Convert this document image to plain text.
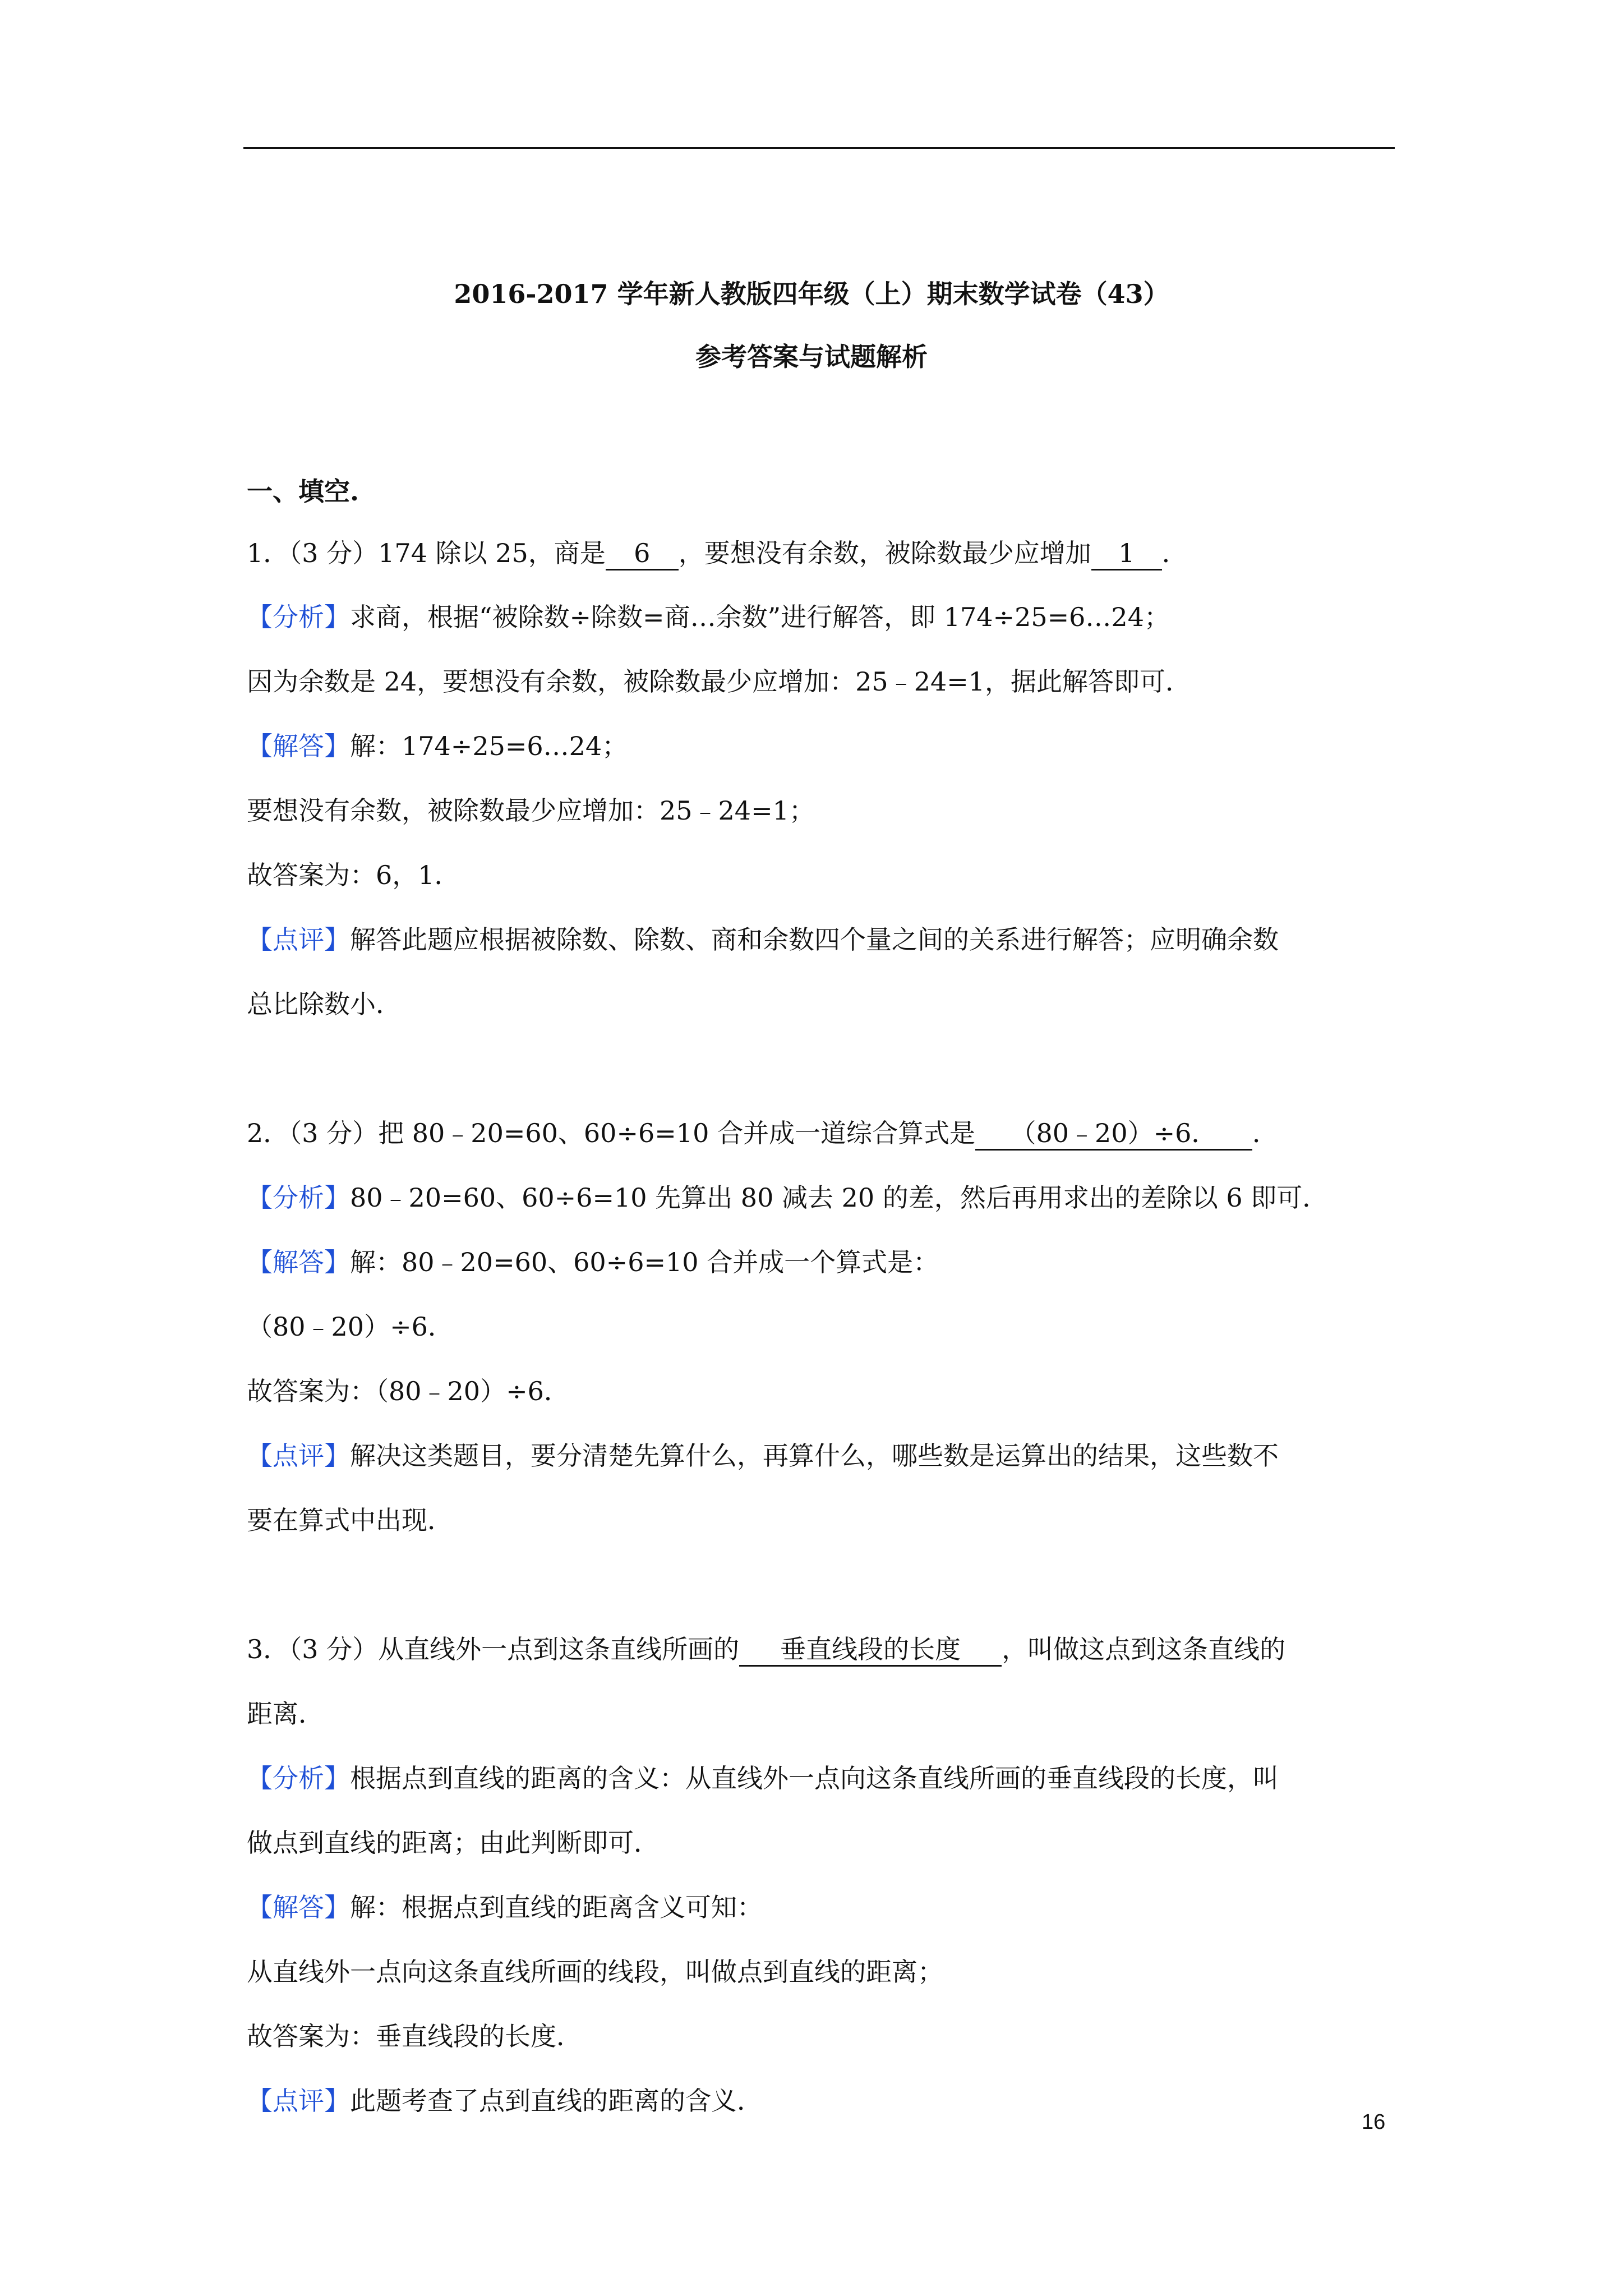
2016-2017 学年新人教版四年级（上）期末数学试卷（43）
参考答案与试题解析
一、填空.
1．（3 分）174 除以 25，商是 6 ，要想没有余数，被除数最少应增加 1 ．
【分析】求商，根据“被除数÷除数=商…余数”进行解答，即 174÷25=6…24；
因为余数是 24，要想没有余数，被除数最少应增加：25﹣24=1，据此解答即可．
【解答】解：174÷25=6…24；
要想没有余数，被除数最少应增加：25﹣24=1；
故答案为：6，1．
【点评】解答此题应根据被除数、除数、商和余数四个量之间的关系进行解答；应明确余数
总比除数小．
2．（3 分）把 80﹣20=60、60÷6=10 合并成一道综合算式是 （80﹣20）÷6． ．
【分析】80﹣20=60、60÷6=10 先算出 80 减去 20 的差，然后再用求出的差除以 6 即可．
【解答】解：80﹣20=60、60÷6=10 合并成一个算式是：
（80﹣20）÷6．
故答案为：（80﹣20）÷6．
【点评】解决这类题目，要分清楚先算什么，再算什么，哪些数是运算出的结果，这些数不
要在算式中出现．
3．（3 分）从直线外一点到这条直线所画的 垂直线段的长度 ，叫做这点到这条直线的
距离．
【分析】根据点到直线的距离的含义：从直线外一点向这条直线所画的垂直线段的长度，叫
做点到直线的距离；由此判断即可．
【解答】解：根据点到直线的距离含义可知：
从直线外一点向这条直线所画的线段，叫做点到直线的距离；
故答案为：垂直线段的长度．
【点评】此题考查了点到直线的距离的含义．
16
